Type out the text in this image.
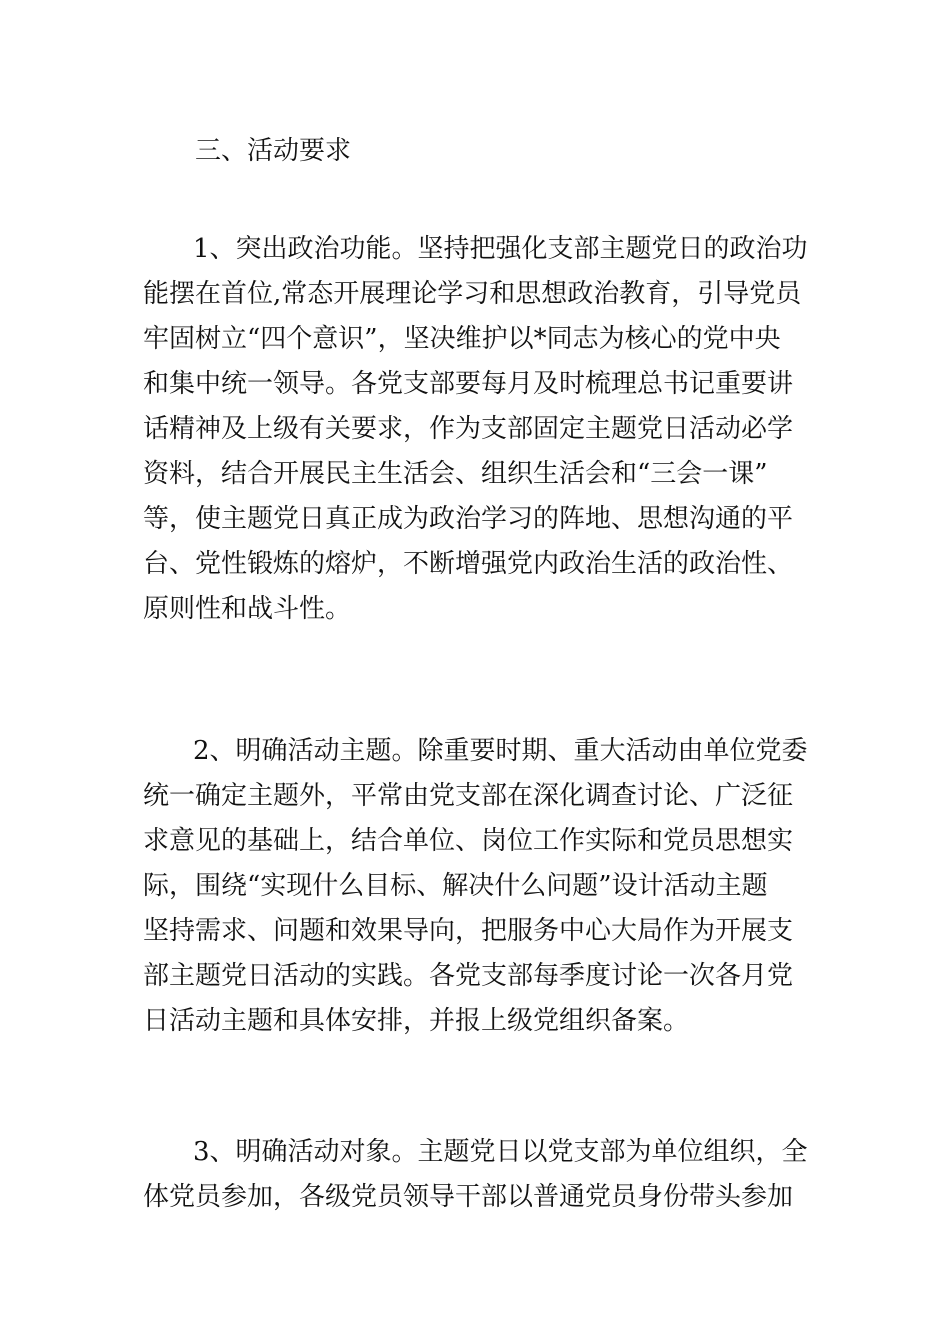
三、活动要求
1、突出政治功能。坚持把强化支部主题党日的政治功
能摆在首位,常态开展理论学习和思想政治教育，引导党员
牢固树立“四个意识”，坚决维护以*同志为核心的党中央
和集中统一领导。各党支部要每月及时梳理总书记重要讲
话精神及上级有关要求，作为支部固定主题党日活动必学
资料，结合开展民主生活会、组织生活会和“三会一课”
等，使主题党日真正成为政治学习的阵地、思想沟通的平
台、党性锻炼的熔炉，不断增强党内政治生活的政治性、
原则性和战斗性。
2、明确活动主题。除重要时期、重大活动由单位党委
统一确定主题外，平常由党支部在深化调查讨论、广泛征
求意见的基础上，结合单位、岗位工作实际和党员思想实
际，围绕“实现什么目标、解决什么问题”设计活动主题
坚持需求、问题和效果导向，把服务中心大局作为开展支
部主题党日活动的实践。各党支部每季度讨论一次各月党
日活动主题和具体安排，并报上级党组织备案。
3、明确活动对象。主题党日以党支部为单位组织，全
体党员参加，各级党员领导干部以普通党员身份带头参加
